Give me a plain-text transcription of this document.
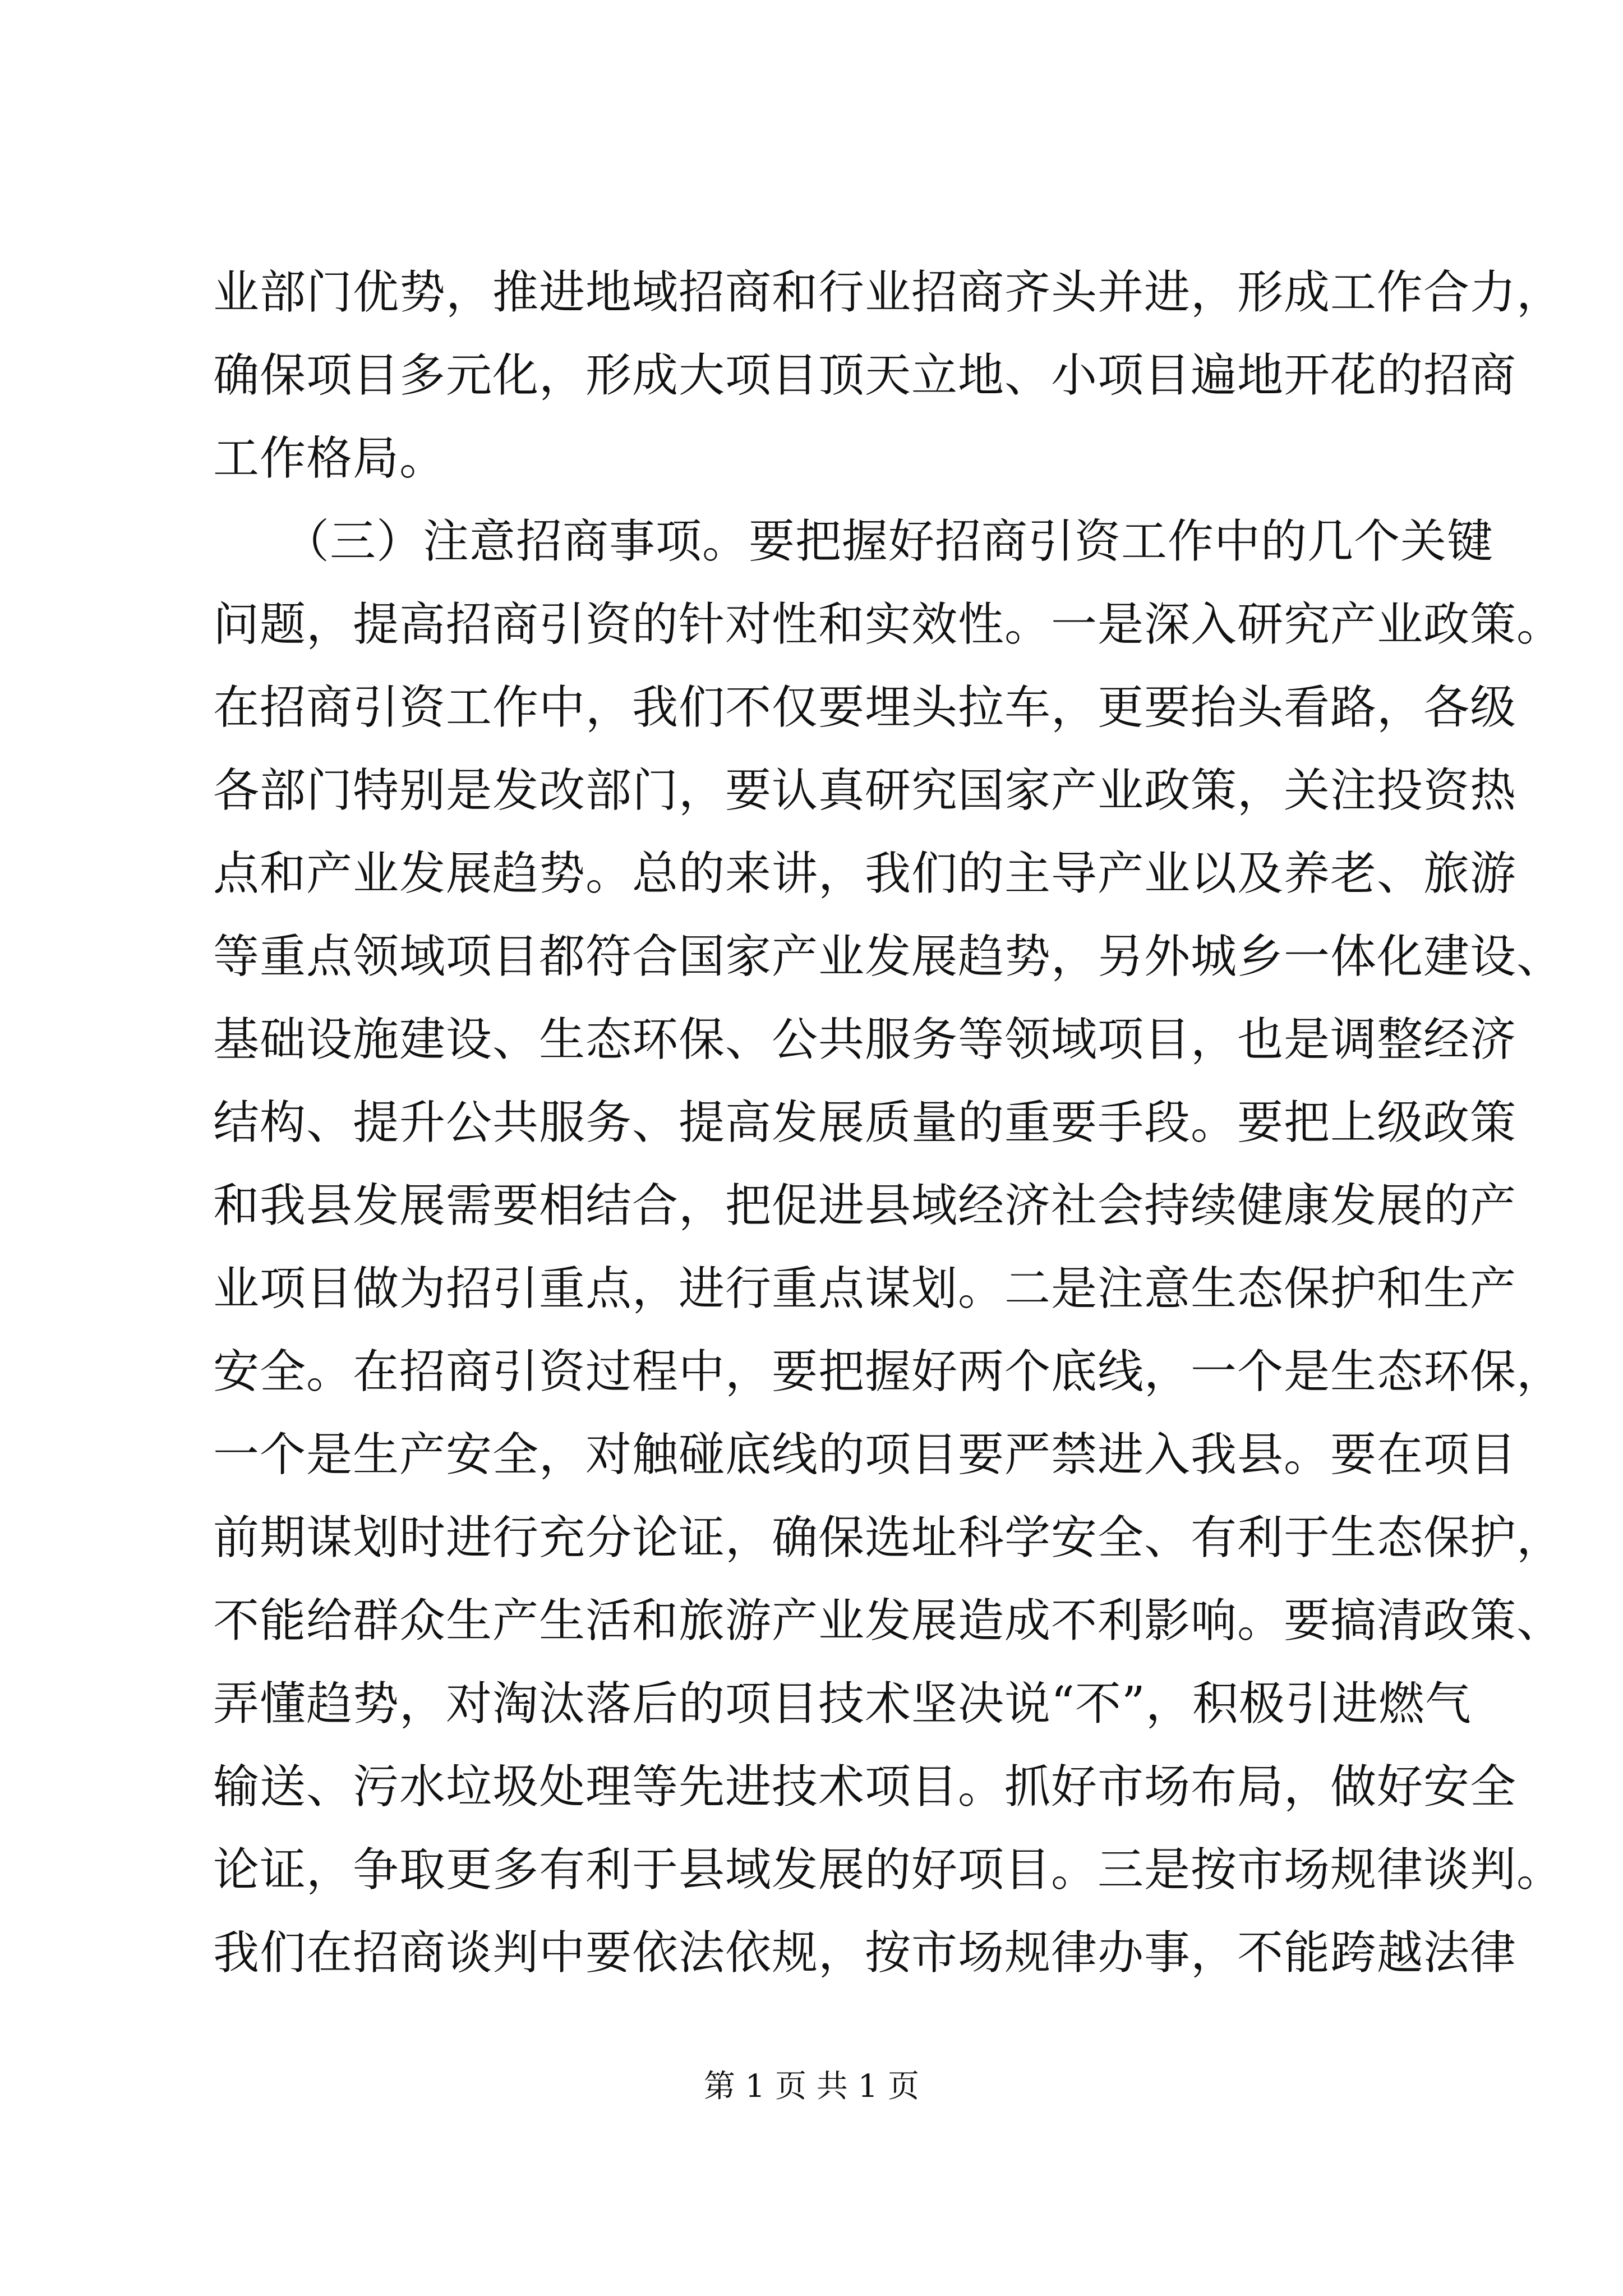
业部门优势，推进地域招商和行业招商齐头并进，形成工作合力，
确保项目多元化，形成大项目顶天立地、小项目遍地开花的招商
工作格局。
　　（三）注意招商事项。要把握好招商引资工作中的几个关键
问题，提高招商引资的针对性和实效性。一是深入研究产业政策。
在招商引资工作中，我们不仅要埋头拉车，更要抬头看路，各级
各部门特别是发改部门，要认真研究国家产业政策，关注投资热
点和产业发展趋势。总的来讲，我们的主导产业以及养老、旅游
等重点领域项目都符合国家产业发展趋势，另外城乡一体化建设、
基础设施建设、生态环保、公共服务等领域项目，也是调整经济
结构、提升公共服务、提高发展质量的重要手段。要把上级政策
和我县发展需要相结合，把促进县域经济社会持续健康发展的产
业项目做为招引重点，进行重点谋划。二是注意生态保护和生产
安全。在招商引资过程中，要把握好两个底线，一个是生态环保，
一个是生产安全，对触碰底线的项目要严禁进入我县。要在项目
前期谋划时进行充分论证，确保选址科学安全、有利于生态保护，
不能给群众生产生活和旅游产业发展造成不利影响。要搞清政策、
弄懂趋势，对淘汰落后的项目技术坚决说“不”，积极引进燃气
输送、污水垃圾处理等先进技术项目。抓好市场布局，做好安全
论证，争取更多有利于县域发展的好项目。三是按市场规律谈判。
我们在招商谈判中要依法依规，按市场规律办事，不能跨越法律
第 1 页 共 1 页
